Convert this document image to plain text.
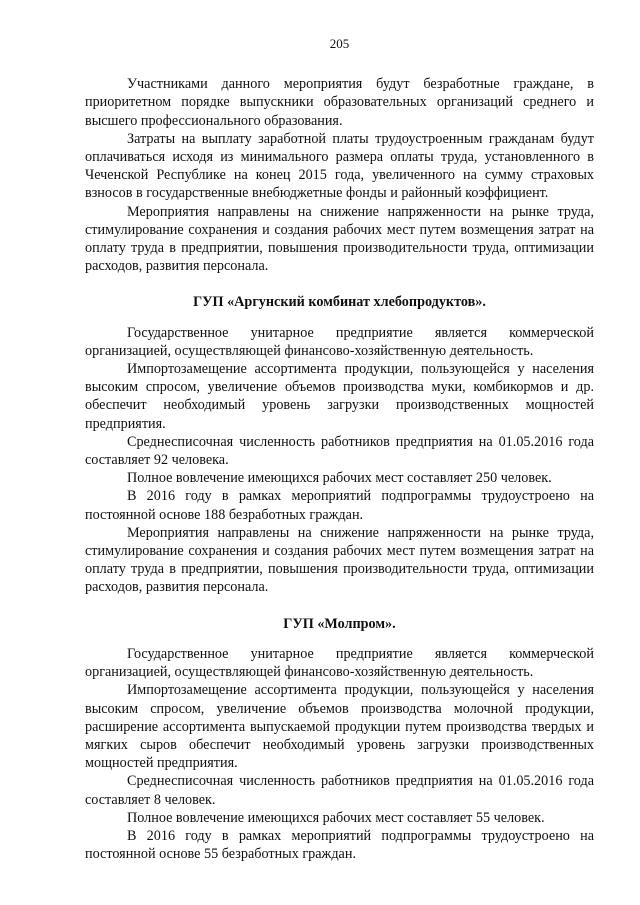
205

Участниками данного мероприятия будут безработные граждане, в приоритетном порядке выпускники образовательных организаций среднего и высшего профессионального образования.

Затраты на выплату заработной платы трудоустроенным гражданам будут оплачиваться исходя из минимального размера оплаты труда, установленного в Чеченской Республике на конец 2015 года, увеличенного на сумму страховых взносов в государственные внебюджетные фонды и районный коэффициент.

Мероприятия направлены на снижение напряженности на рынке труда, стимулирование сохранения и создания рабочих мест путем возмещения затрат на оплату труда в предприятии, повышения производительности труда, оптимизации расходов, развития персонала.

ГУП «Аргунский комбинат хлебопродуктов».

Государственное унитарное предприятие является коммерческой организацией, осуществляющей финансово-хозяйственную деятельность.

Импортозамещение ассортимента продукции, пользующейся у населения высоким спросом, увеличение объемов производства муки, комбикормов и др. обеспечит необходимый уровень загрузки производственных мощностей предприятия.

Среднесписочная численность работников предприятия на 01.05.2016 года составляет 92 человека.

Полное вовлечение имеющихся рабочих мест составляет 250 человек.

В 2016 году в рамках мероприятий подпрограммы трудоустроено на постоянной основе 188 безработных граждан.

Мероприятия направлены на снижение напряженности на рынке труда, стимулирование сохранения и создания рабочих мест путем возмещения затрат на оплату труда в предприятии, повышения производительности труда, оптимизации расходов, развития персонала.

ГУП «Молпром».

Государственное унитарное предприятие является коммерческой организацией, осуществляющей финансово-хозяйственную деятельность.

Импортозамещение ассортимента продукции, пользующейся у населения высоким спросом, увеличение объемов производства молочной продукции, расширение ассортимента выпускаемой продукции путем производства твердых и мягких сыров обеспечит необходимый уровень загрузки производственных мощностей предприятия.

Среднесписочная численность работников предприятия на 01.05.2016 года составляет 8 человек.

Полное вовлечение имеющихся рабочих мест составляет 55 человек.

В 2016 году в рамках мероприятий подпрограммы трудоустроено на постоянной основе 55 безработных граждан.
